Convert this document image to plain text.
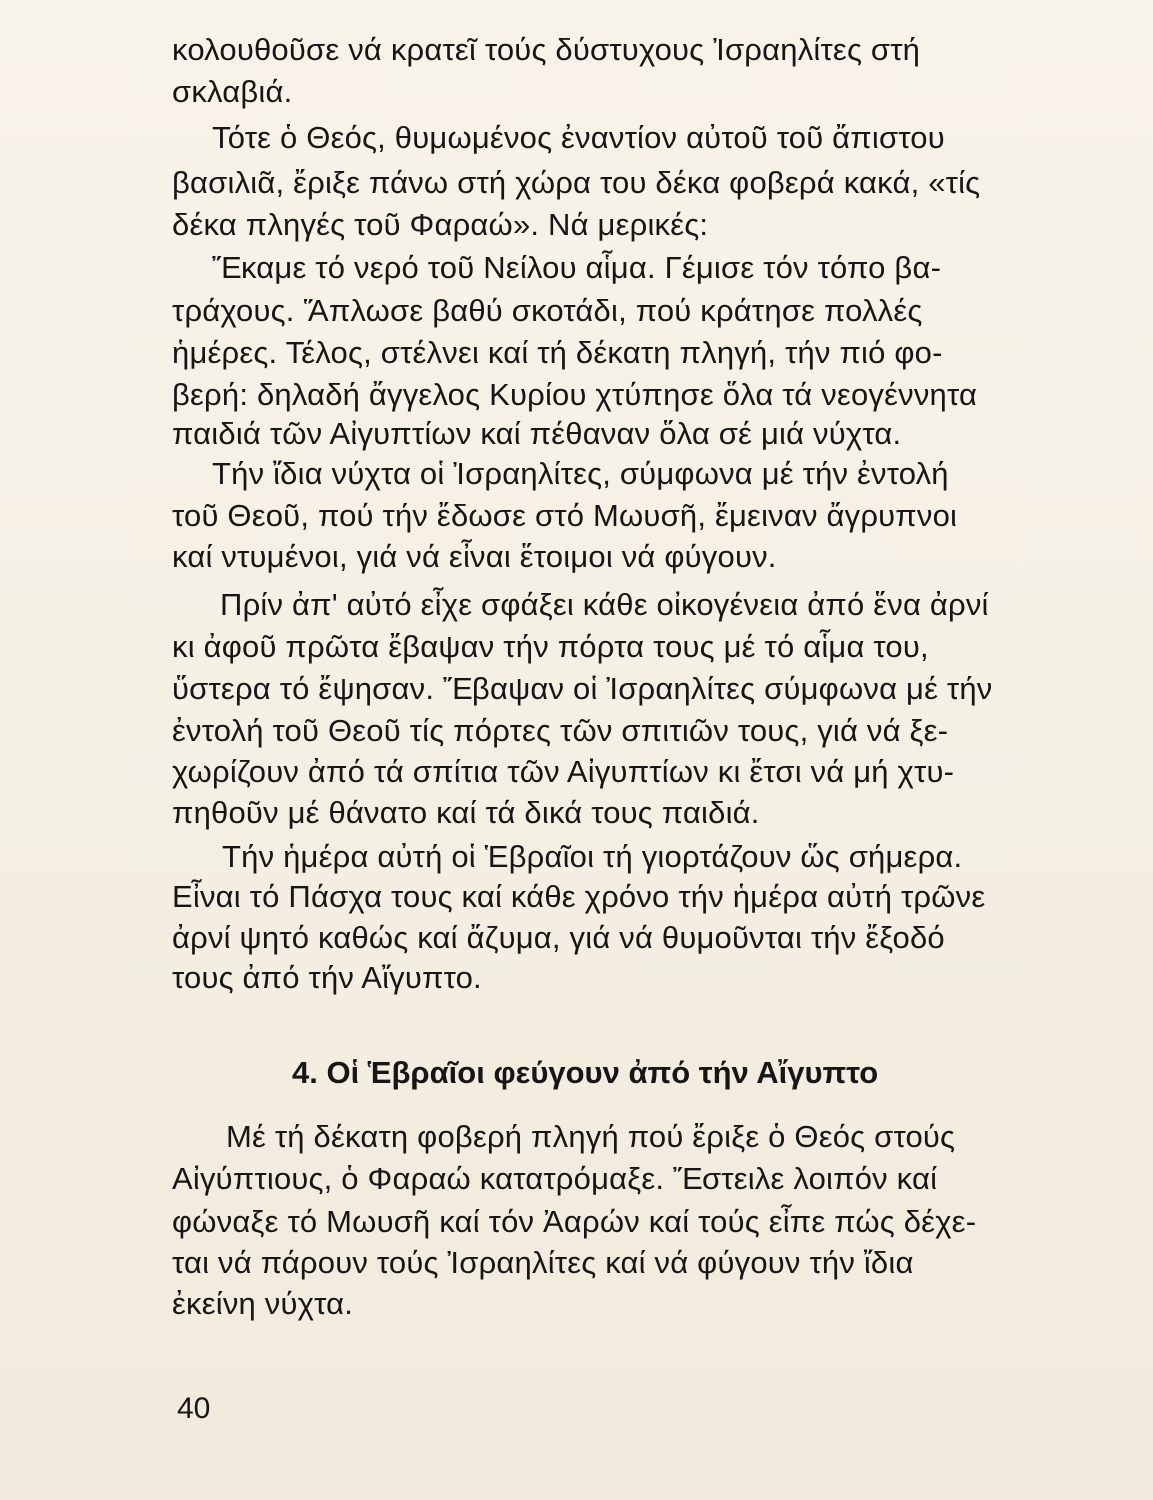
κολουθοῦσε νά κρατεῖ τούς δύστυχους Ἰσραηλίτες στή
σκλαβιά.
Τότε ὁ Θεός, θυμωμένος ἐναντίον αὐτοῦ τοῦ ἄπιστου
βασιλιᾶ, ἔριξε πάνω στή χώρα του δέκα φοβερά κακά, «τίς
δέκα πληγές τοῦ Φαραώ». Νά μερικές:
Ἔκαμε τό νερό τοῦ Νείλου αἷμα. Γέμισε τόν τόπο βα-
τράχους. Ἅπλωσε βαθύ σκοτάδι, πού κράτησε πολλές
ἡμέρες. Τέλος, στέλνει καί τή δέκατη πληγή, τήν πιό φο-
βερή: δηλαδή ἄγγελος Κυρίου χτύπησε ὅλα τά νεογέννητα
παιδιά τῶν Αἰγυπτίων καί πέθαναν ὅλα σέ μιά νύχτα.
Τήν ἴδια νύχτα οἱ Ἰσραηλίτες, σύμφωνα μέ τήν ἐντολή
τοῦ Θεοῦ, πού τήν ἔδωσε στό Μωυσῆ, ἔμειναν ἄγρυπνοι
καί ντυμένοι, γιά νά εἶναι ἕτοιμοι νά φύγουν.
Πρίν ἀπ' αὐτό εἶχε σφάξει κάθε οἰκογένεια ἀπό ἕνα ἀρνί
κι ἀφοῦ πρῶτα ἔβαψαν τήν πόρτα τους μέ τό αἷμα του,
ὕστερα τό ἔψησαν. Ἔβαψαν οἱ Ἰσραηλίτες σύμφωνα μέ τήν
ἐντολή τοῦ Θεοῦ τίς πόρτες τῶν σπιτιῶν τους, γιά νά ξε-
χωρίζουν ἀπό τά σπίτια τῶν Αἰγυπτίων κι ἔτσι νά μή χτυ-
πηθοῦν μέ θάνατο καί τά δικά τους παιδιά.
Τήν ἡμέρα αὐτή οἱ Ἑβραῖοι τή γιορτάζουν ὥς σήμερα.
Εἶναι τό Πάσχα τους καί κάθε χρόνο τήν ἡμέρα αὐτή τρῶνε
ἀρνί ψητό καθώς καί ἄζυμα, γιά νά θυμοῦνται τήν ἔξοδό
τους ἀπό τήν Αἴγυπτο.
4. Οἱ Ἑβραῖοι φεύγουν ἀπό τήν Αἴγυπτο
Μέ τή δέκατη φοβερή πληγή πού ἔριξε ὁ Θεός στούς
Αἰγύπτιους, ὁ Φαραώ κατατρόμαξε. Ἔστειλε λοιπόν καί
φώναξε τό Μωυσῆ καί τόν Ἀαρών καί τούς εἶπε πώς δέχε-
ται νά πάρουν τούς Ἰσραηλίτες καί νά φύγουν τήν ἴδια
ἐκείνη νύχτα.
40
